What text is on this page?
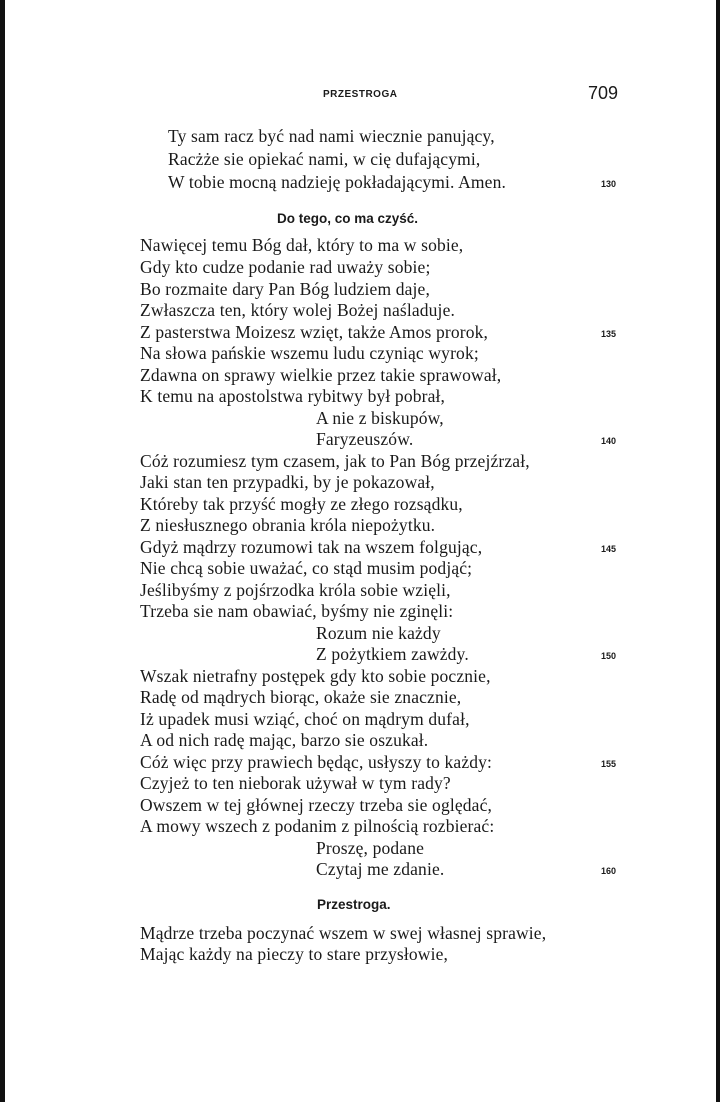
PRZESTROGA	709
Ty sam racz być nad nami wiecznie panujący,
Racżże sie opiekać nami, w cię dufającymi,
W tobie mocną nadzieję pokładającymi. Amen.	130
Do tego, co ma czyść.
Nawięcej temu Bóg dał, który to ma w sobie,
Gdy kto cudze podanie rad uważy sobie;
Bo rozmaite dary Pan Bóg ludziem daje,
Zwłaszcza ten, który wolej Bożej naśladuje.
Z pasterstwa Moizesz wzięt, także Amos prorok,	135
Na słowa pańskie wszemu ludu czyniąc wyrok;
Zdawna on sprawy wielkie przez takie sprawował,
K temu na apostolstwa rybitwy był pobrał,
A nie z biskupów,
Faryzeuszów.	140
Cóż rozumiesz tym czasem, jak to Pan Bóg przejźrzał,
Jaki stan ten przypadki, by je pokazował,
Któreby tak przyść mogły ze złego rozsądku,
Z niesłusznego obrania króla niepożytku.
Gdyż mądrzy rozumowi tak na wszem folgując,	145
Nie chcą sobie uważać, co stąd musim podjąć;
Jeślibyśmy z pojśrzodka króla sobie wzięli,
Trzeba sie nam obawiać, byśmy nie zginęli:
Rozum nie każdy
Z pożytkiem zawżdy.	150
Wszak nietrafny postępek gdy kto sobie pocznie,
Radę od mądrych biorąc, okaże sie znacznie,
Iż upadek musi wziąć, choć on mądrym dufał,
A od nich radę mając, barzo sie oszukał.
Cóż więc przy prawiech będąc, usłyszy to każdy:	155
Czyjeż to ten nieborak używał w tym rady?
Owszem w tej głównej rzeczy trzeba sie oględać,
A mowy wszech z podanim z pilnością rozbierać:
Proszę, podane
Czytaj me zdanie.	160
Przestroga.
Mądrze trzeba poczynać wszem w swej własnej sprawie,
Mając każdy na pieczy to stare przysłowie,
